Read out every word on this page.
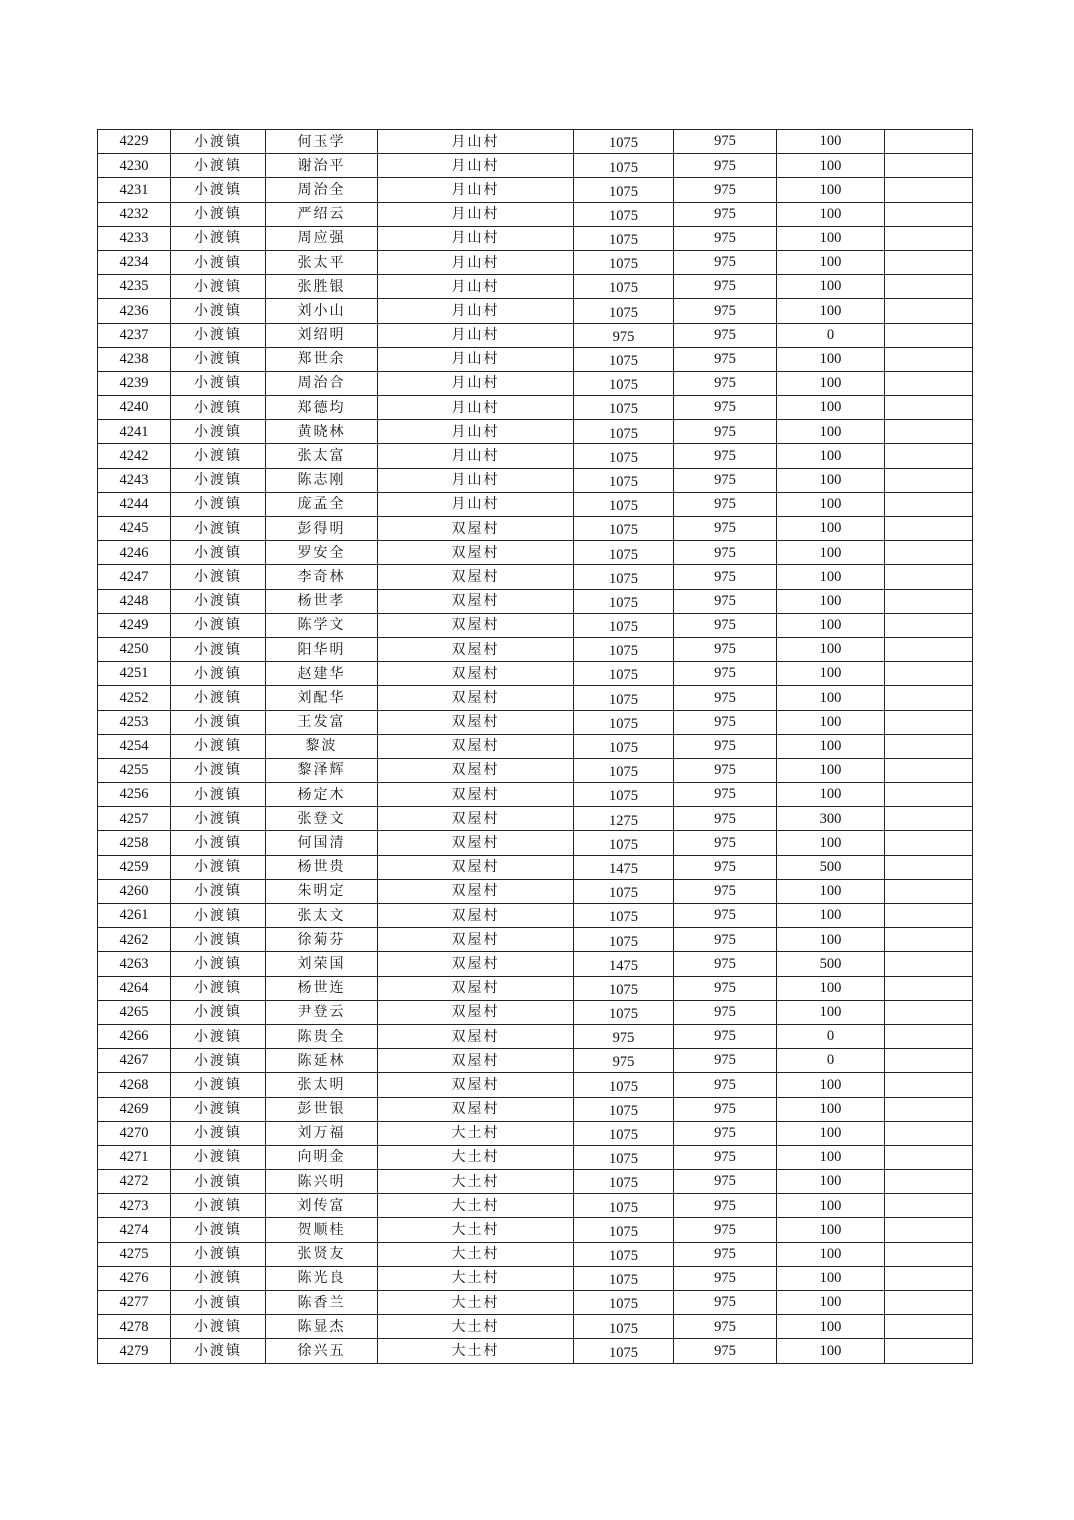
4229	小渡镇	何玉学	月山村	1075	975	100	
4230	小渡镇	谢治平	月山村	1075	975	100	
4231	小渡镇	周治全	月山村	1075	975	100	
4232	小渡镇	严绍云	月山村	1075	975	100	
4233	小渡镇	周应强	月山村	1075	975	100	
4234	小渡镇	张太平	月山村	1075	975	100	
4235	小渡镇	张胜银	月山村	1075	975	100	
4236	小渡镇	刘小山	月山村	1075	975	100	
4237	小渡镇	刘绍明	月山村	975	975	0	
4238	小渡镇	郑世余	月山村	1075	975	100	
4239	小渡镇	周治合	月山村	1075	975	100	
4240	小渡镇	郑德均	月山村	1075	975	100	
4241	小渡镇	黄晓林	月山村	1075	975	100	
4242	小渡镇	张太富	月山村	1075	975	100	
4243	小渡镇	陈志刚	月山村	1075	975	100	
4244	小渡镇	庞孟全	月山村	1075	975	100	
4245	小渡镇	彭得明	双屋村	1075	975	100	
4246	小渡镇	罗安全	双屋村	1075	975	100	
4247	小渡镇	李奇林	双屋村	1075	975	100	
4248	小渡镇	杨世孝	双屋村	1075	975	100	
4249	小渡镇	陈学文	双屋村	1075	975	100	
4250	小渡镇	阳华明	双屋村	1075	975	100	
4251	小渡镇	赵建华	双屋村	1075	975	100	
4252	小渡镇	刘配华	双屋村	1075	975	100	
4253	小渡镇	王发富	双屋村	1075	975	100	
4254	小渡镇	黎波	双屋村	1075	975	100	
4255	小渡镇	黎泽辉	双屋村	1075	975	100	
4256	小渡镇	杨定木	双屋村	1075	975	100	
4257	小渡镇	张登文	双屋村	1275	975	300	
4258	小渡镇	何国清	双屋村	1075	975	100	
4259	小渡镇	杨世贵	双屋村	1475	975	500	
4260	小渡镇	朱明定	双屋村	1075	975	100	
4261	小渡镇	张太文	双屋村	1075	975	100	
4262	小渡镇	徐菊芬	双屋村	1075	975	100	
4263	小渡镇	刘荣国	双屋村	1475	975	500	
4264	小渡镇	杨世连	双屋村	1075	975	100	
4265	小渡镇	尹登云	双屋村	1075	975	100	
4266	小渡镇	陈贵全	双屋村	975	975	0	
4267	小渡镇	陈延林	双屋村	975	975	0	
4268	小渡镇	张太明	双屋村	1075	975	100	
4269	小渡镇	彭世银	双屋村	1075	975	100	
4270	小渡镇	刘万福	大土村	1075	975	100	
4271	小渡镇	向明金	大土村	1075	975	100	
4272	小渡镇	陈兴明	大土村	1075	975	100	
4273	小渡镇	刘传富	大土村	1075	975	100	
4274	小渡镇	贺顺桂	大土村	1075	975	100	
4275	小渡镇	张贤友	大土村	1075	975	100	
4276	小渡镇	陈光良	大土村	1075	975	100	
4277	小渡镇	陈香兰	大土村	1075	975	100	
4278	小渡镇	陈显杰	大土村	1075	975	100	
4279	小渡镇	徐兴五	大土村	1075	975	100	
